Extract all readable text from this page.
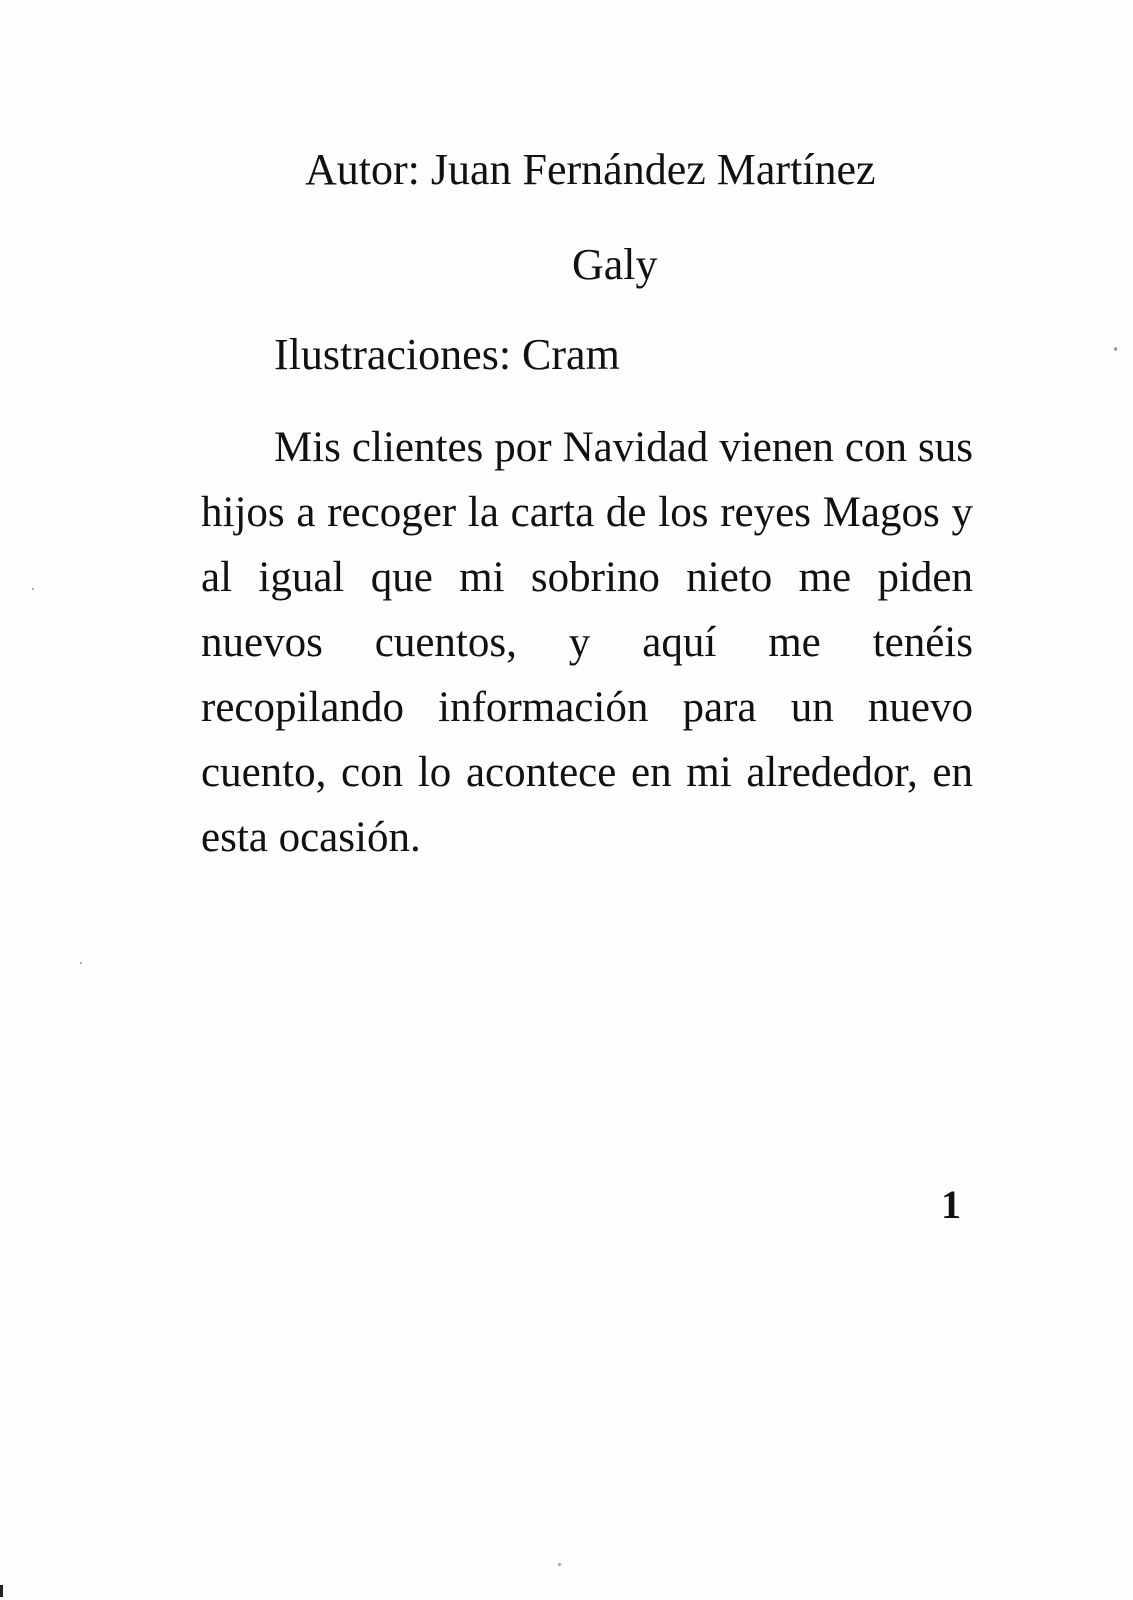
Autor: Juan Fernández Martínez
Galy
Ilustraciones: Cram

Mis clientes por Navidad vienen con sus hijos a recoger la carta de los reyes Magos y al igual que mi sobrino nieto me piden nuevos cuentos, y aquí me tenéis recopilando información para un nuevo cuento, con lo acontece en mi alrededor, en esta ocasión.

1
